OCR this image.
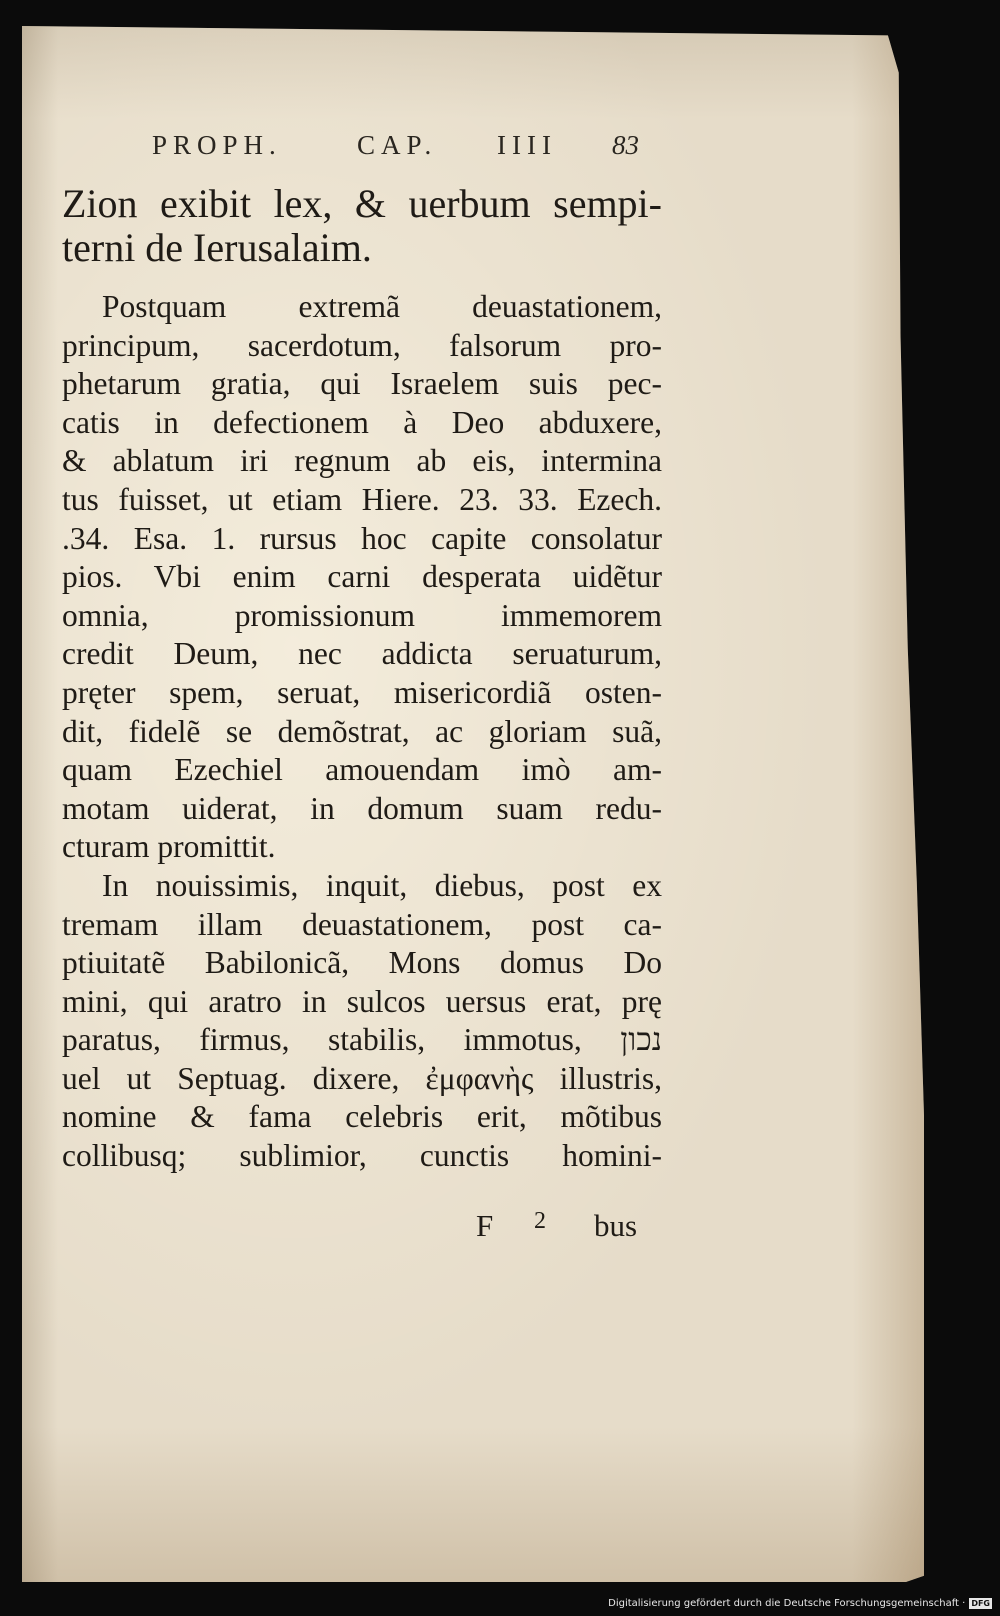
PROPH.	CAP. IIII 83
Zion exibit lex, & uerbum sempi-
terni de Ierusalaim.
Postquam extremã deuastationem,
principum, sacerdotum, falsorum pro-
phetarum gratia, qui Israelem suis pec-
catis in defectionem à Deo abduxere,
& ablatum iri regnum ab eis, intermina
tus fuisset, ut etiam Hiere. 23. 33. Ezech.
.34. Esa. 1. rursus hoc capite consolatur
pios. Vbi enim carni desperata uidẽtur
omnia, promissionum immemorem
credit Deum, nec addicta seruaturum,
pręter spem, seruat, misericordiã osten-
dit, fidelẽ se demõstrat, ac gloriam suã,
quam Ezechiel amouendam imò am-
motam uiderat, in domum suam redu-
cturam promittit.
In nouissimis, inquit, diebus, post ex
tremam illam deuastationem, post ca-
ptiuitatẽ Babilonicã, Mons domus Do
mini, qui aratro in sulcos uersus erat, prę
paratus, firmus, stabilis, immotus, נכון
uel ut Septuag. dixere, ἐμφανὴς illustris,
nomine & fama celebris erit, mõtibus
collibusq; sublimior, cunctis homini-
F 2 bus
Digitalisierung gefördert durch die Deutsche Forschungsgemeinschaft · DFG
